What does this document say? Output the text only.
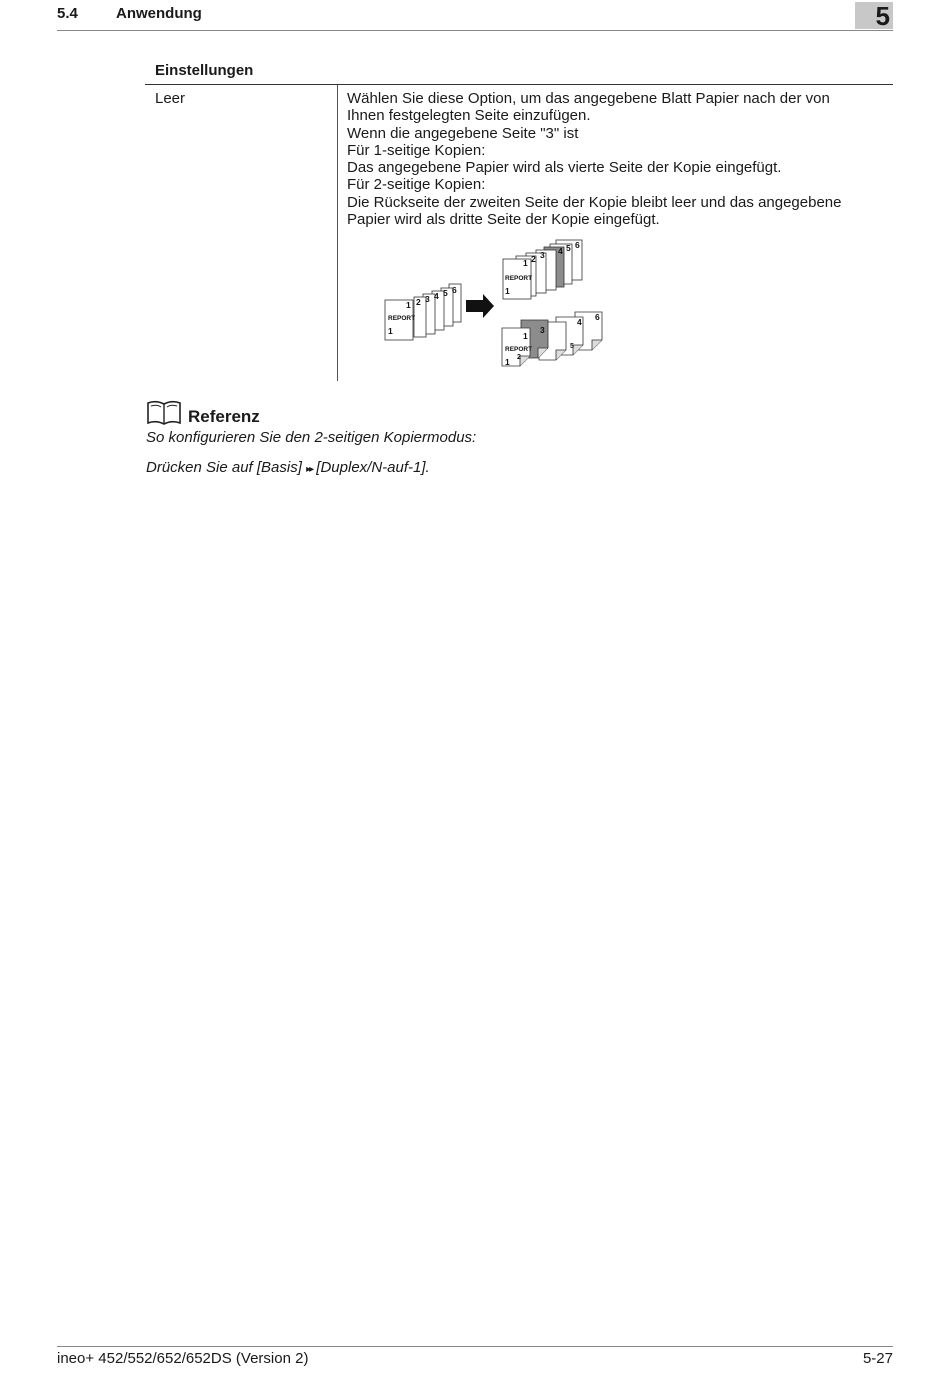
5.4	Anwendung	5
Einstellungen
Leer	Wählen Sie diese Option, um das angegebene Blatt Papier nach der von
Ihnen festgelegten Seite einzufügen.
Wenn die angegebene Seite "3" ist
Für 1-seitige Kopien:
Das angegebene Papier wird als vierte Seite der Kopie eingefügt.
Für 2-seitige Kopien:
Die Rückseite der zweiten Seite der Kopie bleibt leer und das angegebene
Papier wird als dritte Seite der Kopie eingefügt.
6
5
4
3
2
1
REPORT
1
6
5
4
3
2
1
REPORT
1
6
4
3
1
REPORT
1
5
2
Referenz
So konfigurieren Sie den 2-seitigen Kopiermodus:
Drücken Sie auf [Basis] ▸▸ [Duplex/N-auf-1].
ineo+ 452/552/652/652DS (Version 2)	5-27
